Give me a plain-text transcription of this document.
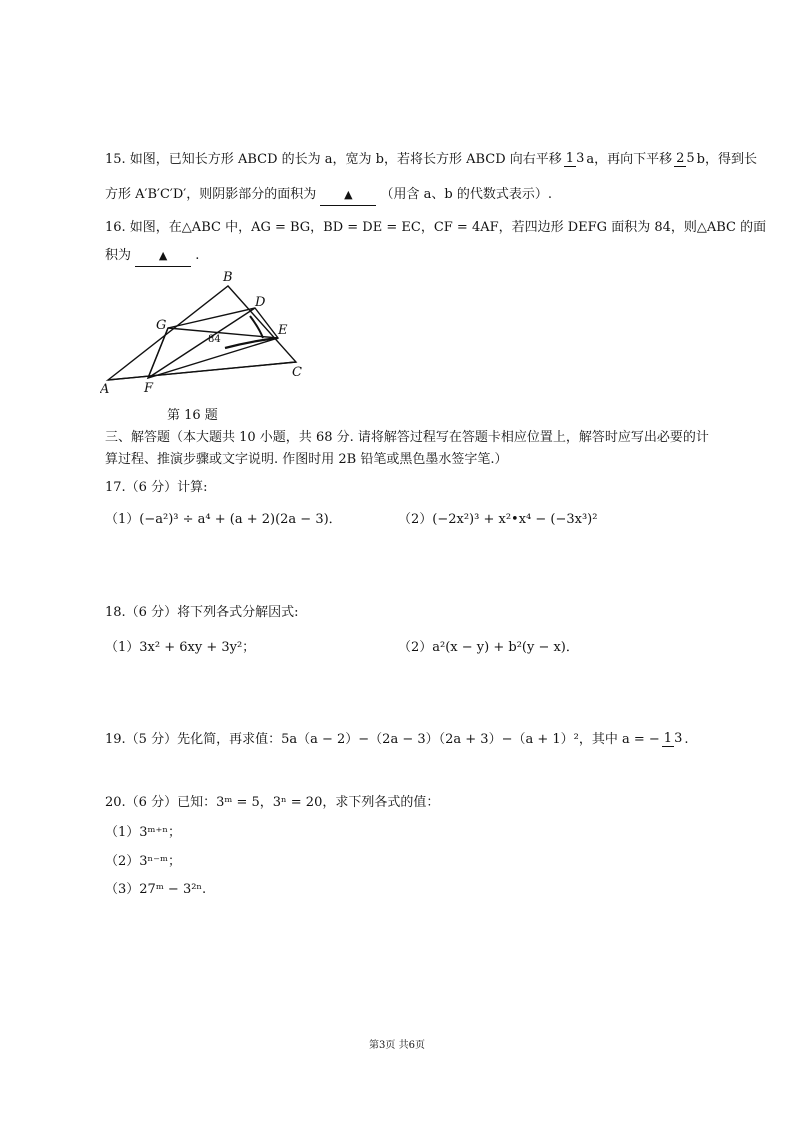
15. 如图，已知长方形 ABCD 的长为 a，宽为 b，若将长方形 ABCD 向右平移 1 3 a，再向下平移 2 5 b，得到长
方形 A′B′C′D′，则阴影部分的面积为	▲ （用含 a、b 的代数式表示）.
16. 如图，在△ABC 中，AG = BG，BD = DE = EC，CF = 4AF，若四边形 DEFG 面积为 84，则△ABC 的面
积为	▲ .
A
B
C
D
E
F
G
84
第 16 题
三、解答题（本大题共 10 小题，共 68 分. 请将解答过程写在答题卡相应位置上，解答时应写出必要的计
算过程、推演步骤或文字说明. 作图时用 2B 铅笔或黑色墨水签字笔.）
17.（6 分）计算:
（1）(−a²)³ ÷ a⁴ + (a + 2)(2a − 3)．	（2）(−2x²)³ + x²•x⁴ − (−3x³)²
18.（6 分）将下列各式分解因式:
（1）3x² + 6xy + 3y²；	（2）a²(x − y) + b²(y − x)．
19.（5 分）先化简，再求值：5a（a − 2）−（2a − 3）（2a + 3）−（a + 1）²，其中 a = − 1 3 .
20.（6 分）已知：3ᵐ = 5，3ⁿ = 20，求下列各式的值：
（1）3ᵐ⁺ⁿ；
（2）3ⁿ⁻ᵐ；
（3）27ᵐ − 3²ⁿ.
第3页 共6页
